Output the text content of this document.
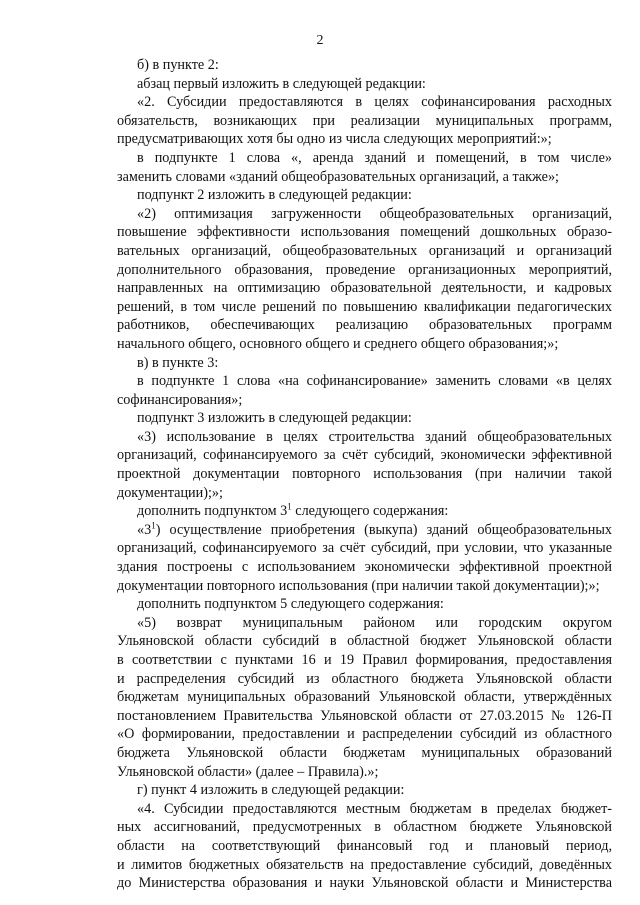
2
б) в пункте 2:
абзац первый изложить в следующей редакции:
«2. Субсидии предоставляются в целях софинансирования расходных
обязательств, возникающих при реализации муниципальных программ,
предусматривающих хотя бы одно из числа следующих мероприятий:»;
в подпункте 1 слова «, аренда зданий и помещений, в том числе»
заменить словами «зданий общеобразовательных организаций, а также»;
подпункт 2 изложить в следующей редакции:
«2) оптимизация загруженности общеобразовательных организаций,
повышение эффективности использования помещений дошкольных образо-
вательных организаций, общеобразовательных организаций и организаций
дополнительного образования, проведение организационных мероприятий,
направленных на оптимизацию образовательной деятельности, и кадровых
решений, в том числе решений по повышению квалификации педагогических
работников, обеспечивающих реализацию образовательных программ
начального общего, основного общего и среднего общего образования;»;
в) в пункте 3:
в подпункте 1 слова «на софинансирование» заменить словами «в целях
софинансирования»;
подпункт 3 изложить в следующей редакции:
«3) использование в целях строительства зданий общеобразовательных
организаций, софинансируемого за счёт субсидий, экономически эффективной
проектной документации повторного использования (при наличии такой
документации);»;
дополнить подпунктом $3^1$ следующего содержания:
«$3^1$) осуществление приобретения (выкупа) зданий общеобразовательных
организаций, софинансируемого за счёт субсидий, при условии, что указанные
здания построены с использованием экономически эффективной проектной
документации повторного использования (при наличии такой документации);»;
дополнить подпунктом 5 следующего содержания:
«5) возврат муниципальным районом или городским округом
Ульяновской области субсидий в областной бюджет Ульяновской области
в соответствии с пунктами 16 и 19 Правил формирования, предоставления
и распределения субсидий из областного бюджета Ульяновской области
бюджетам муниципальных образований Ульяновской области, утверждённых
постановлением Правительства Ульяновской области от 27.03.2015 № 126-П
«О формировании, предоставлении и распределении субсидий из областного
бюджета Ульяновской области бюджетам муниципальных образований
Ульяновской области» (далее – Правила).»;
г) пункт 4 изложить в следующей редакции:
«4. Субсидии предоставляются местным бюджетам в пределах бюджет-
ных ассигнований, предусмотренных в областном бюджете Ульяновской
области на соответствующий финансовый год и плановый период,
и лимитов бюджетных обязательств на предоставление субсидий, доведённых
до Министерства образования и науки Ульяновской области и Министерства
